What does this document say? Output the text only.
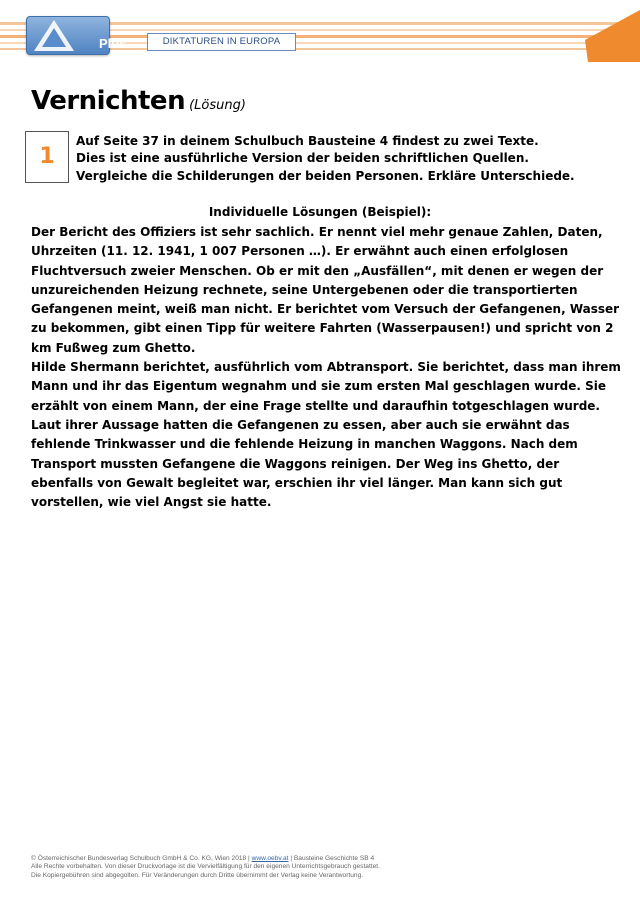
Plus	DIKTATUREN IN EUROPA
Vernichten (Lösung)
1

Auf Seite 37 in deinem Schulbuch Bausteine 4 findest zu zwei Texte.

Dies ist eine ausführliche Version der beiden schriftlichen Quellen.

Vergleiche die Schilderungen der beiden Personen. Erkläre Unterschiede.

Individuelle Lösungen (Beispiel):

Der Bericht des Offiziers ist sehr sachlich. Er nennt viel mehr genaue Zahlen, Daten, Uhrzeiten (11. 12. 1941, 1 007 Personen …). Er erwähnt auch einen erfolglosen Fluchtversuch zweier Menschen. Ob er mit den „Ausfällen“, mit denen er wegen der unzureichenden Heizung rechnete, seine Untergebenen oder die transportierten Gefangenen meint, weiß man nicht. Er berichtet vom Versuch der Gefangenen, Wasser zu bekommen, gibt einen Tipp für weitere Fahrten (Wasserpausen!) und spricht von 2 km Fußweg zum Ghetto.

Hilde Shermann berichtet, ausführlich vom Abtransport. Sie berichtet, dass man ihrem Mann und ihr das Eigentum wegnahm und sie zum ersten Mal geschlagen wurde. Sie erzählt von einem Mann, der eine Frage stellte und daraufhin totgeschlagen wurde. Laut ihrer Aussage hatten die Gefangenen zu essen, aber auch sie erwähnt das fehlende Trinkwasser und die fehlende Heizung in manchen Waggons. Nach dem Transport mussten Gefangene die Waggons reinigen. Der Weg ins Ghetto, der ebenfalls von Gewalt begleitet war, erschien ihr viel länger. Man kann sich gut vorstellen, wie viel Angst sie hatte.

© Österreichischer Bundesverlag Schulbuch GmbH & Co. KG, Wien 2018 | www.oebv.at | Bausteine Geschichte SB 4
Alle Rechte vorbehalten. Von dieser Druckvorlage ist die Vervielfältigung für den eigenen Unterrichtsgebrauch gestattet.
Die Kopiergebühren sind abgegolten. Für Veränderungen durch Dritte übernimmt der Verlag keine Verantwortung.
